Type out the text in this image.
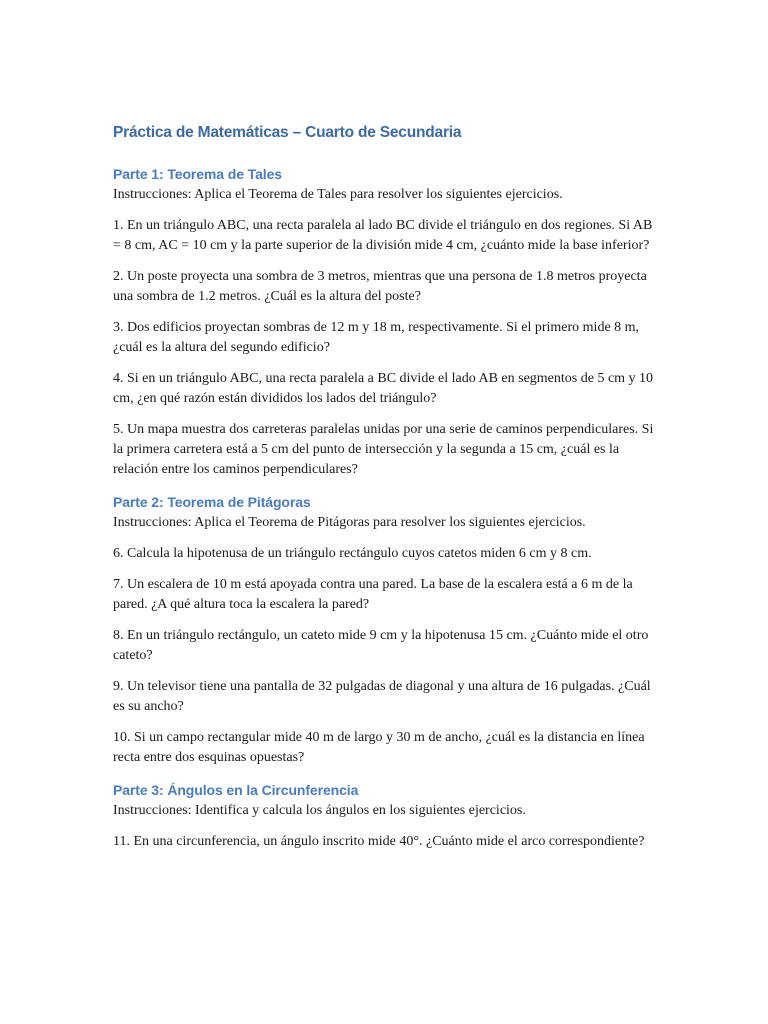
Práctica de Matemáticas – Cuarto de Secundaria
Parte 1: Teorema de Tales

Instrucciones: Aplica el Teorema de Tales para resolver los siguientes ejercicios.

1. En un triángulo ABC, una recta paralela al lado BC divide el triángulo en dos regiones. Si AB = 8 cm, AC = 10 cm y la parte superior de la división mide 4 cm, ¿cuánto mide la base inferior?

2. Un poste proyecta una sombra de 3 metros, mientras que una persona de 1.8 metros proyecta una sombra de 1.2 metros. ¿Cuál es la altura del poste?

3. Dos edificios proyectan sombras de 12 m y 18 m, respectivamente. Si el primero mide 8 m, ¿cuál es la altura del segundo edificio?

4. Si en un triángulo ABC, una recta paralela a BC divide el lado AB en segmentos de 5 cm y 10 cm, ¿en qué razón están divididos los lados del triángulo?

5. Un mapa muestra dos carreteras paralelas unidas por una serie de caminos perpendiculares. Si la primera carretera está a 5 cm del punto de intersección y la segunda a 15 cm, ¿cuál es la relación entre los caminos perpendiculares?

Parte 2: Teorema de Pitágoras

Instrucciones: Aplica el Teorema de Pitágoras para resolver los siguientes ejercicios.

6. Calcula la hipotenusa de un triángulo rectángulo cuyos catetos miden 6 cm y 8 cm.

7. Un escalera de 10 m está apoyada contra una pared. La base de la escalera está a 6 m de la pared. ¿A qué altura toca la escalera la pared?

8. En un triángulo rectángulo, un cateto mide 9 cm y la hipotenusa 15 cm. ¿Cuánto mide el otro cateto?

9. Un televisor tiene una pantalla de 32 pulgadas de diagonal y una altura de 16 pulgadas. ¿Cuál es su ancho?

10. Si un campo rectangular mide 40 m de largo y 30 m de ancho, ¿cuál es la distancia en línea recta entre dos esquinas opuestas?

Parte 3: Ángulos en la Circunferencia

Instrucciones: Identifica y calcula los ángulos en los siguientes ejercicios.

11. En una circunferencia, un ángulo inscrito mide 40°. ¿Cuánto mide el arco correspondiente?
